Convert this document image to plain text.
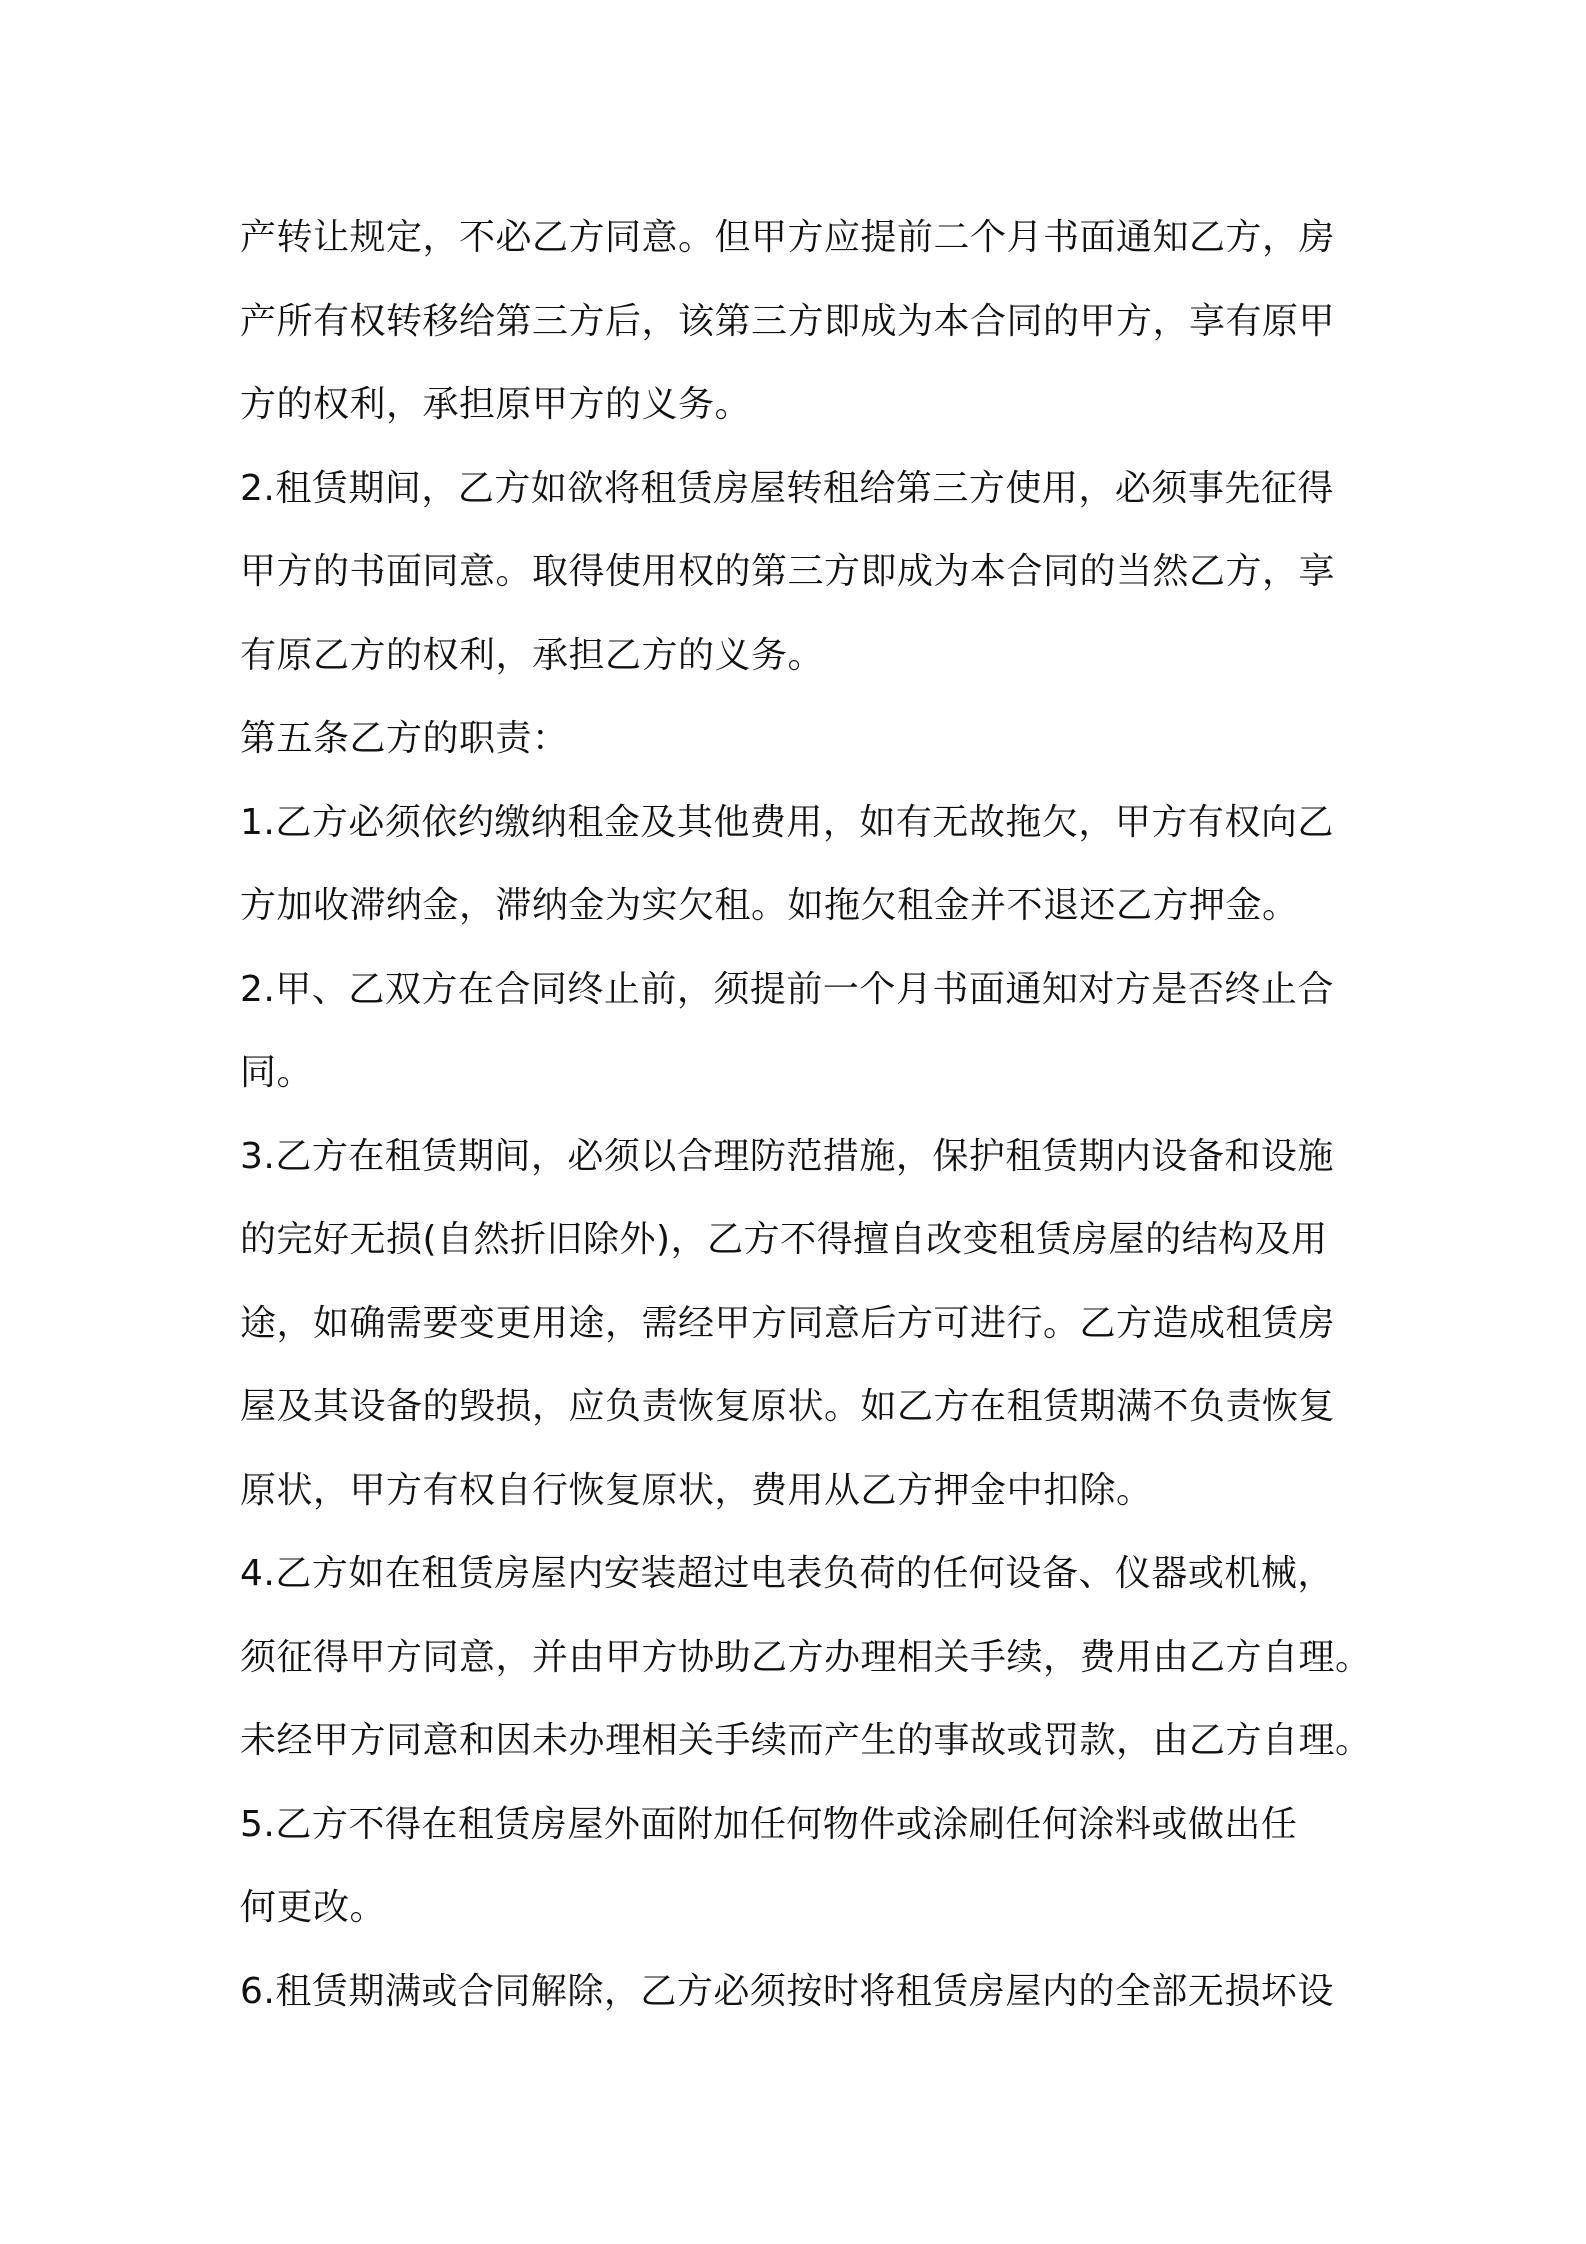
产转让规定，不必乙方同意。但甲方应提前二个月书面通知乙方，房
产所有权转移给第三方后，该第三方即成为本合同的甲方，享有原甲
方的权利，承担原甲方的义务。
2.租赁期间，乙方如欲将租赁房屋转租给第三方使用，必须事先征得
甲方的书面同意。取得使用权的第三方即成为本合同的当然乙方，享
有原乙方的权利，承担乙方的义务。
第五条乙方的职责：
1.乙方必须依约缴纳租金及其他费用，如有无故拖欠，甲方有权向乙
方加收滞纳金，滞纳金为实欠租。如拖欠租金并不退还乙方押金。
2.甲、乙双方在合同终止前，须提前一个月书面通知对方是否终止合
同。
3.乙方在租赁期间，必须以合理防范措施，保护租赁期内设备和设施
的完好无损(自然折旧除外)，乙方不得擅自改变租赁房屋的结构及用
途，如确需要变更用途，需经甲方同意后方可进行。乙方造成租赁房
屋及其设备的毁损，应负责恢复原状。如乙方在租赁期满不负责恢复
原状，甲方有权自行恢复原状，费用从乙方押金中扣除。
4.乙方如在租赁房屋内安装超过电表负荷的任何设备、仪器或机械，
须征得甲方同意，并由甲方协助乙方办理相关手续，费用由乙方自理。
未经甲方同意和因未办理相关手续而产生的事故或罚款，由乙方自理。
5.乙方不得在租赁房屋外面附加任何物件或涂刷任何涂料或做出任
何更改。
6.租赁期满或合同解除，乙方必须按时将租赁房屋内的全部无损坏设
